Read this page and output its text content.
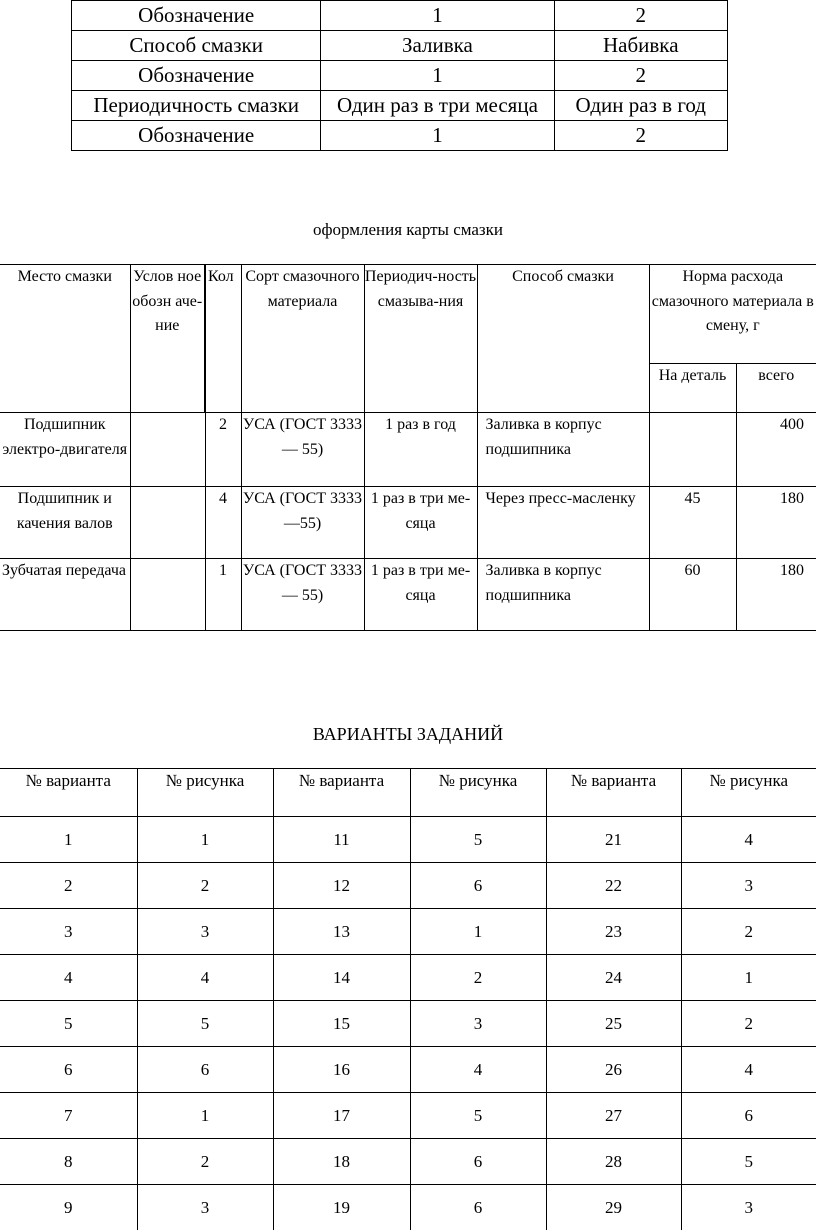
Обозначение	1	2
Способ смазки	Заливка	Набивка
Обозначение	1	2
Периодичность смазки	Один раз в три месяца	Один раз в год
Обозначение	1	2
оформления карты смазки
Место смазки	Услов ное обозн аче-ние	Кол	Сорт смазочного материала	Периодич-ность смазыва-ния	Способ смазки	Норма расхода смазочного материала в смену, г	
						На деталь	всего
Подшипник электро-двигателя		2	УСА (ГОСТ 3333— 55)	1 раз в год	Заливка в корпус подшипника		400
Подшипник и качения валов		4	УСА (ГОСТ 3333—55)	1 раз в три ме-сяца	Через пресс-масленку	45	180
Зубчатая передача		1	УСА (ГОСТ 3333— 55)	1 раз в три ме-сяца	Заливка в корпус подшипника	60	180
ВАРИАНТЫ ЗАДАНИЙ
№ варианта	№ рисунка	№ варианта	№ рисунка	№ варианта	№ рисунка
1	1	11	5	21	4
2	2	12	6	22	3
3	3	13	1	23	2
4	4	14	2	24	1
5	5	15	3	25	2
6	6	16	4	26	4
7	1	17	5	27	6
8	2	18	6	28	5
9	3	19	6	29	3
